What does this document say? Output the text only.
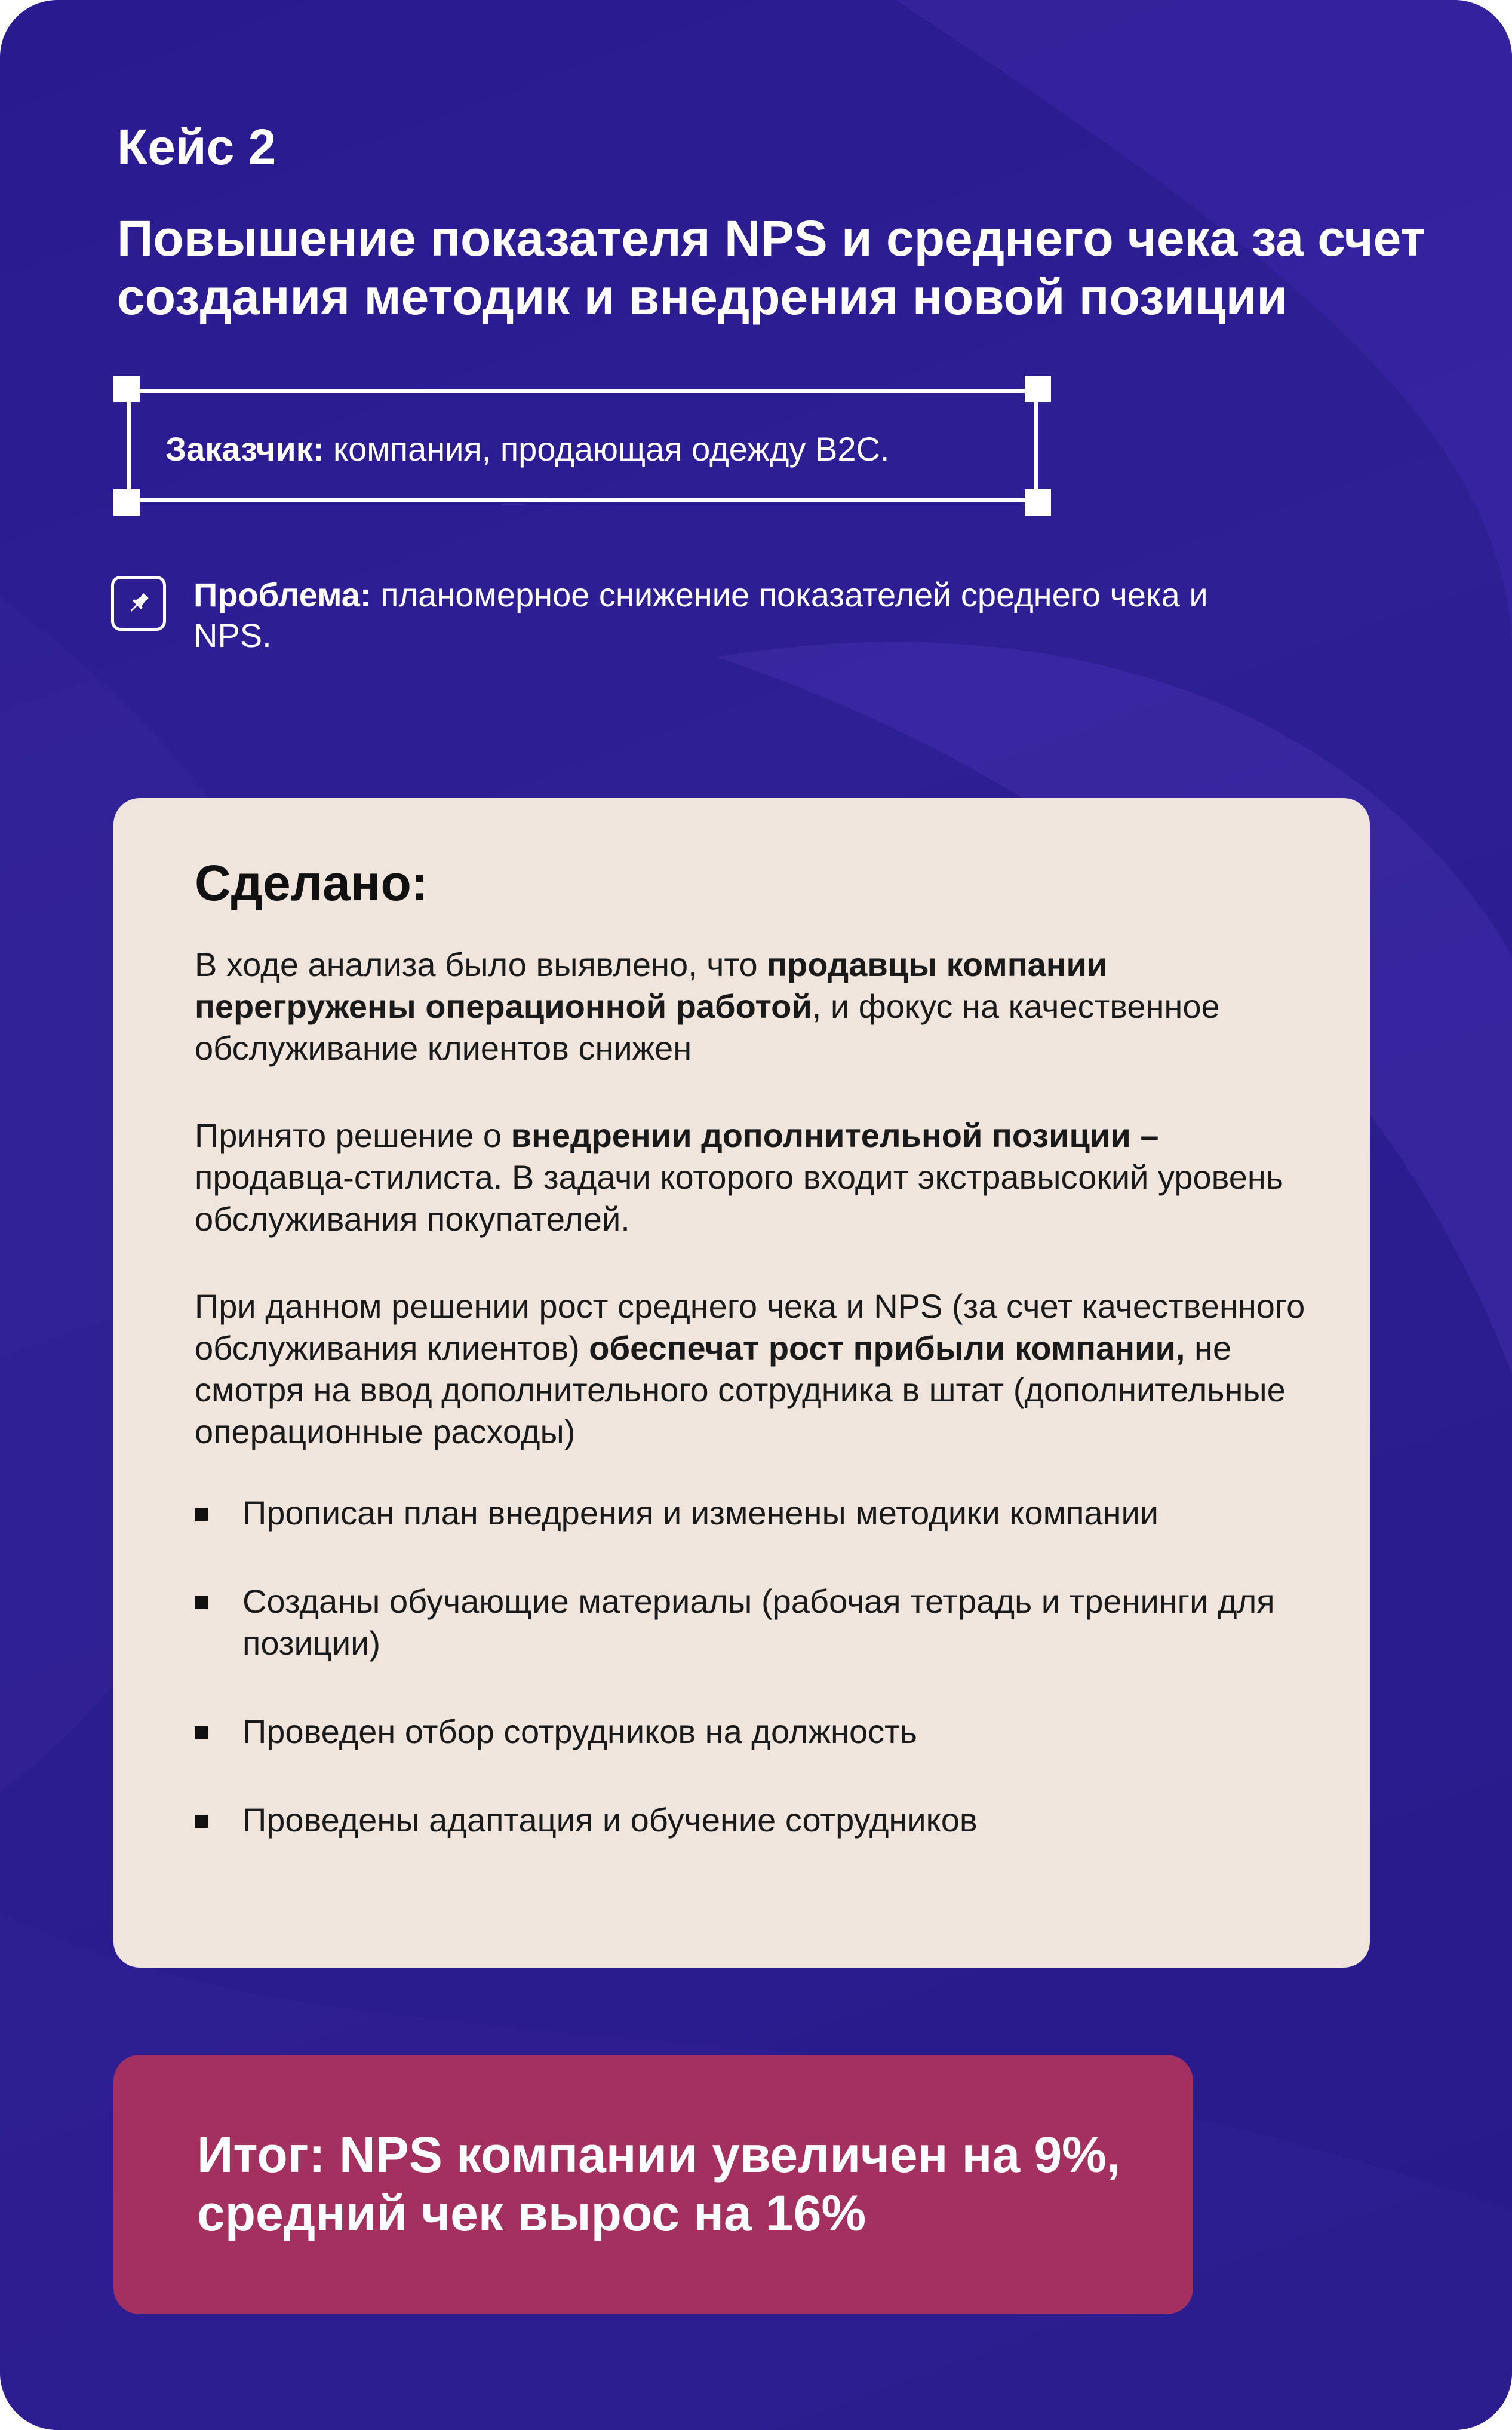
Кейс 2
Повышение показателя NPS и среднего чека за счет создания методик и внедрения новой позиции
Заказчик: компания, продающая одежду B2C.
Проблема: планомерное снижение показателей среднего чека и NPS.
Сделано:
В ходе анализа было выявлено, что продавцы компании перегружены операционной работой, и фокус на качественное обслуживание клиентов снижен
Принято решение о внедрении дополнительной позиции – продавца-стилиста. В задачи которого входит экстравысокий уровень обслуживания покупателей.
При данном решении рост среднего чека и NPS (за счет качественного обслуживания клиентов) обеспечат рост прибыли компании, не смотря на ввод дополнительного сотрудника в штат (дополнительные операционные расходы)
Прописан план внедрения и изменены методики компании
Созданы обучающие материалы (рабочая тетрадь и тренинги для позиции)
Проведен отбор сотрудников на должность
Проведены адаптация и обучение сотрудников
Итог: NPS компании увеличен на 9%, средний чек вырос на 16%
